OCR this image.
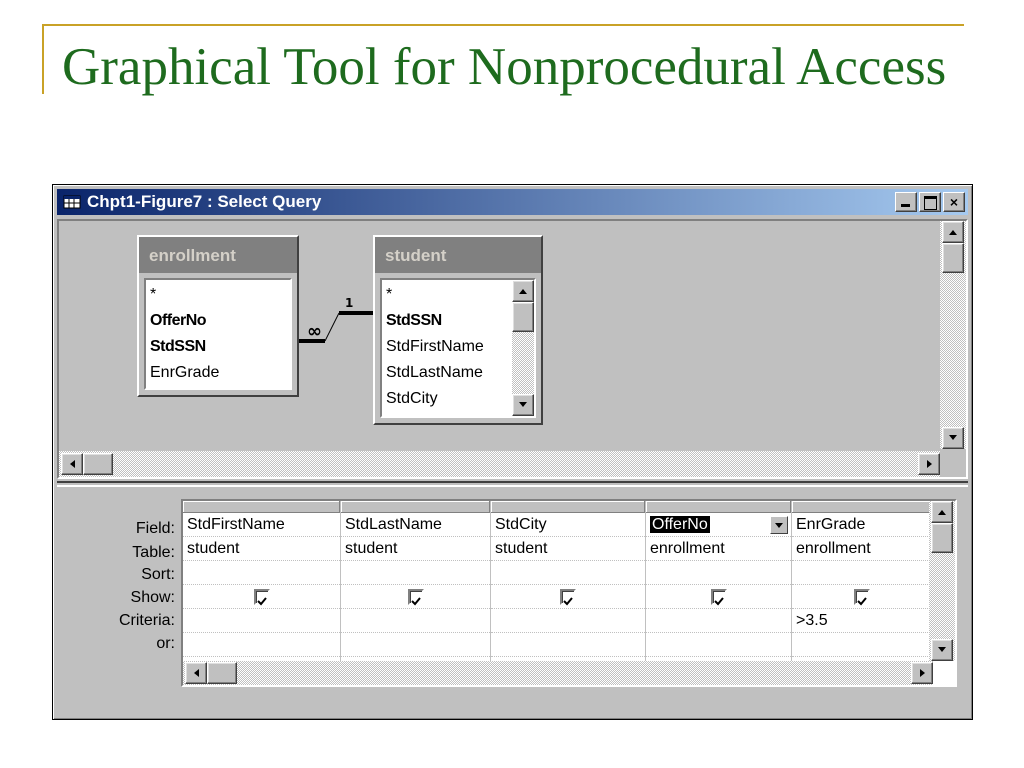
Graphical Tool for Nonprocedural Access
Chpt1-Figure7 : Select Query	×
enrollment
*
OfferNo
StdSSN
EnrGrade
∞
1
student
*
StdSSN
StdFirstName
StdLastName
StdCity
Field:
Table:
Sort:
Show:
Criteria:
or:
StdFirstName
student
StdLastName
student
StdCity
student
OfferNo
enrollment
EnrGrade
enrollment
>3.5
